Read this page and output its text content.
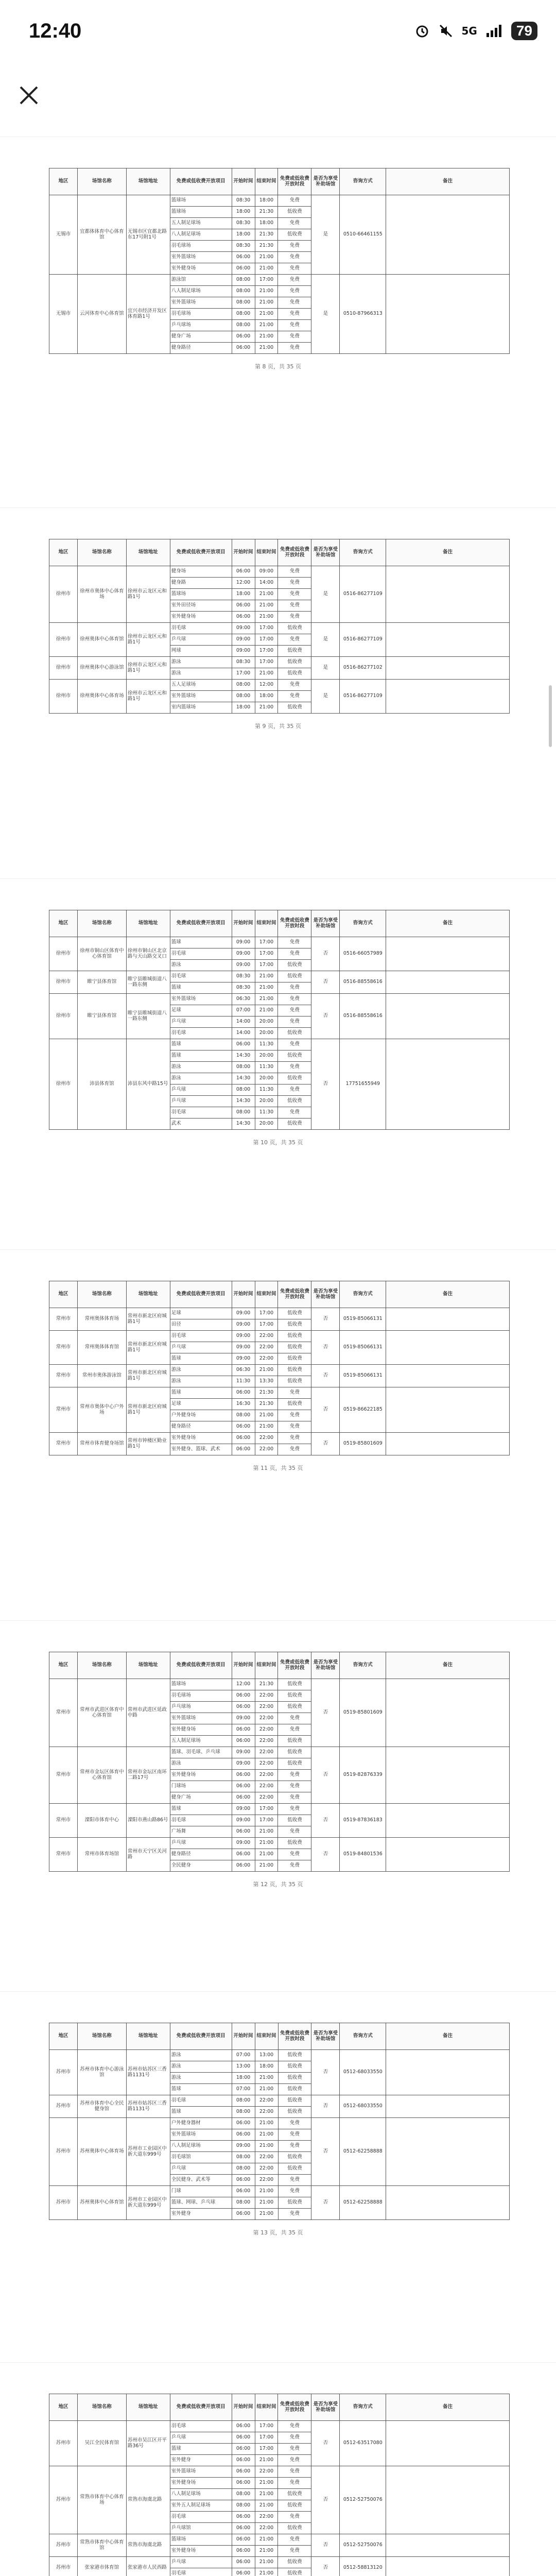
12:40	5G	79
地区	场馆名称	场馆地址	免费或低收费开放项目	开始时间	结束时间	免费或低收费开放时段	是否为享受补助场馆	咨询方式	备注
无锡市	宜都体体育中心体育馆	无锡市区宜都北路东17号附1号	篮球场	08:30	18:00	免费	是	0510-66461155	
			篮球场	18:00	21:30	低收费			
			五人制足球场	08:30	18:00	免费			
			八人制足球场	18:00	21:30	低收费			
			羽毛球场	08:30	21:30	免费			
			室外篮球场	06:00	21:00	免费			
			室外健身场	06:00	21:00	免费			
无锡市	云河体育中心体育馆	宜兴市经济开发区体育路1号	游泳馆	08:00	17:00	免费	是	0510-87966313	
			八人制足球场	08:00	21:00	免费			
			室外篮球场	08:00	21:00	免费			
			羽毛球场	08:00	21:00	免费			
			乒乓球场	08:00	21:00	免费			
			健身广场	06:00	21:00	免费			
			健身路径	06:00	21:00	免费			
第 8 页，共 35 页
地区	场馆名称	场馆地址	免费或低收费开放项目	开始时间	结束时间	免费或低收费开放时段	是否为享受补助场馆	咨询方式	备注
徐州市	徐州市奥体中心体育场	徐州市云龙区元和路1号	健身场	06:00	09:00	免费	是	0516-86277109	
			健身路	12:00	14:00	免费			
			篮球场	18:00	21:00	免费			
			室外田径场	06:00	21:00	免费			
			室外健身场	06:00	21:00	免费			
徐州市	徐州奥体中心体育馆	徐州市云龙区元和路1号	羽毛球	09:00	17:00	低收费	是	0516-86277109	
			乒乓球	09:00	17:00	免费			
			网球	09:00	17:00	低收费			
徐州市	徐州奥体中心游泳馆	徐州市云龙区元和路1号	游泳	08:30	17:00	低收费	是	0516-86277102	
			游泳	17:00	21:00	低收费			
徐州市	徐州奥体中心体育场	徐州市云龙区元和路1号	五人足球场	08:00	12:00	免费	是	0516-86277109	
			室外篮球场	08:00	18:00	免费			
			室内篮球场	18:00	21:00	低收费			
第 9 页，共 35 页
地区	场馆名称	场馆地址	免费或低收费开放项目	开始时间	结束时间	免费或低收费开放时段	是否为享受补助场馆	咨询方式	备注
徐州市	徐州市铜山区体育中心体育馆	徐州市铜山区北京路与天山路交叉口	篮球	09:00	17:00	免费	否	0516-66057989	
			羽毛球	09:00	17:00	免费			
			游泳	09:00	17:00	低收费			
徐州市	睢宁县体育馆	睢宁县睢城街道八一路东侧	羽毛球	08:30	21:00	低收费	否	0516-88558616	
			篮球	08:30	21:00	免费			
徐州市	睢宁县体育馆	睢宁县睢城街道八一路东侧	室外篮球场	06:30	21:00	免费	否	0516-88558616	
			足球	07:00	21:00	免费			
			乒乓球	14:00	20:00	免费			
			羽毛球	14:00	20:00	低收费			
徐州市	沛县体育馆	沛县东风中路15号	篮球	06:00	11:30	免费	否	17751655949	
			篮球	14:30	20:00	低收费			
			游泳	08:00	11:30	免费			
			游泳	14:30	20:00	低收费			
			乒乓球	08:00	11:30	免费			
			乒乓球	14:30	20:00	低收费			
			羽毛球	08:00	11:30	免费			
			武术	14:30	20:00	低收费			
第 10 页，共 35 页
地区	场馆名称	场馆地址	免费或低收费开放项目	开始时间	结束时间	免费或低收费开放时段	是否为享受补助场馆	咨询方式	备注
常州市	常州奥体体育场	常州市新北区府城路1号	足球	09:00	17:00	低收费	否	0519-85066131	
			田径	09:00	17:00	低收费			
常州市	常州奥体体育馆	常州市新北区府城路1号	羽毛球	09:00	22:00	低收费	否	0519-85066131	
			乒乓球	09:00	22:00	低收费			
			篮球	09:00	22:00	低收费			
常州市	常州市奥体游泳馆	常州市新北区府城路1号	游泳	06:30	21:00	低收费	否	0519-85066131	
			游泳	11:30	13:30	低收费			
常州市	常州市奥体中心户外场	常州市新北区府城路1号	篮球	06:00	21:30	免费	否	0519-86622185	
			足球	16:30	21:30	低收费			
			户外健身场	08:00	21:00	免费			
			健身路径	06:00	21:00	免费			
常州市	常州市体育健身场馆	常州市钟楼区勤业路1号	室外健身场	06:00	22:00	免费	否	0519-85801609	
			室外健身、篮球、武术	06:00	22:00	免费			
第 11 页，共 35 页
地区	场馆名称	场馆地址	免费或低收费开放项目	开始时间	结束时间	免费或低收费开放时段	是否为享受补助场馆	咨询方式	备注
常州市	常州市武进区体育中心体育馆	常州市武进区延政中路	篮球场	12:00	21:30	低收费	否	0519-85801609	
			羽毛球场	06:00	22:00	低收费			
			乒乓球场	06:00	22:00	低收费			
			室外篮球场	09:00	22:00	免费			
			室外健身场	06:00	22:00	免费			
			五人制足球场	06:00	22:00	低收费			
常州市	常州市金坛区体育中心体育馆	常州市金坛区南环二路17号	篮球、羽毛球、乒乓球	09:00	22:00	低收费	否	0519-82876339	
			游泳	09:00	22:00	低收费			
			室外健身场	06:00	22:00	免费			
			门球场	06:00	22:00	免费			
			健身广场	06:00	22:00	免费			
常州市	溧阳市体育中心	溧阳市燕山路86号	篮球	09:00	17:00	免费	否	0519-87836183	
			羽毛球	09:00	17:00	低收费			
			广场舞	06:00	21:00	免费			
常州市	常州市体育场馆	常州市天宁区关河路	乒乓球	09:00	21:00	低收费	否	0519-84801536	
			健身路径	06:00	21:00	免费			
			全民健身	06:00	21:00	免费			
第 12 页，共 35 页
地区	场馆名称	场馆地址	免费或低收费开放项目	开始时间	结束时间	免费或低收费开放时段	是否为享受补助场馆	咨询方式	备注
苏州市	苏州市体育中心游泳馆	苏州市姑苏区三香路1131号	游泳	07:00	13:00	低收费	否	0512-68033550	
			游泳	13:00	18:00	低收费			
			游泳	18:00	21:00	低收费			
			篮球	07:00	21:00	低收费			
苏州市	苏州市体育中心全民健身馆	苏州市姑苏区三香路1131号	羽毛球	08:00	22:00	低收费	否	0512-68033550	
			篮球	08:00	22:00	低收费			
苏州市	苏州奥体中心体育场	苏州市工业园区中新大道东999号	户外健身器材	06:00	21:00	免费	否	0512-62258888	
			室外篮球场	06:00	21:00	免费			
			八人制足球场	09:00	21:00	免费			
			羽毛球馆	08:00	22:00	低收费			
			乒乓球	08:00	22:00	低收费			
			全民健身、武术等	06:00	22:00	免费			
苏州市	苏州奥体中心体育馆	苏州市工业园区中新大道东999号	门球	06:00	21:00	免费	否	0512-62258888	
			篮球、网球、乒乓球	08:00	21:00	低收费			
			室外健身	06:00	21:00	免费			
第 13 页，共 35 页
地区	场馆名称	场馆地址	免费或低收费开放项目	开始时间	结束时间	免费或低收费开放时段	是否为享受补助场馆	咨询方式	备注
苏州市	吴江全民体育馆	苏州市吴江区开平路36号	羽毛球	06:00	17:00	免费	否	0512-63517080	
			乒乓球	06:00	17:00	免费			
			篮球	06:00	17:00	免费			
			室外健身	06:00	21:00	免费			
苏州市	常熟市体育中心体育场	常熟市海虞北路	室外篮球场	06:00	22:00	免费	否	0512-52750076	
			室外健身场	06:00	21:00	免费			
			八人制足球场	08:00	21:00	低收费			
			室外五人制足球场	08:00	21:00	低收费			
			羽毛球	06:00	22:00	免费			
			乒乓球馆	06:00	22:00	低收费			
苏州市	常熟市体育中心体育馆	常熟市海虞北路	篮球场	06:00	21:00	免费	否	0512-52750076	
			室外健身场	06:00	21:00	免费			
苏州市	张家港市体育馆	张家港市人民西路	乒乓球	06:00	21:00	低收费	否	0512-58813120	
			羽毛球	06:00	21:00	低收费			
